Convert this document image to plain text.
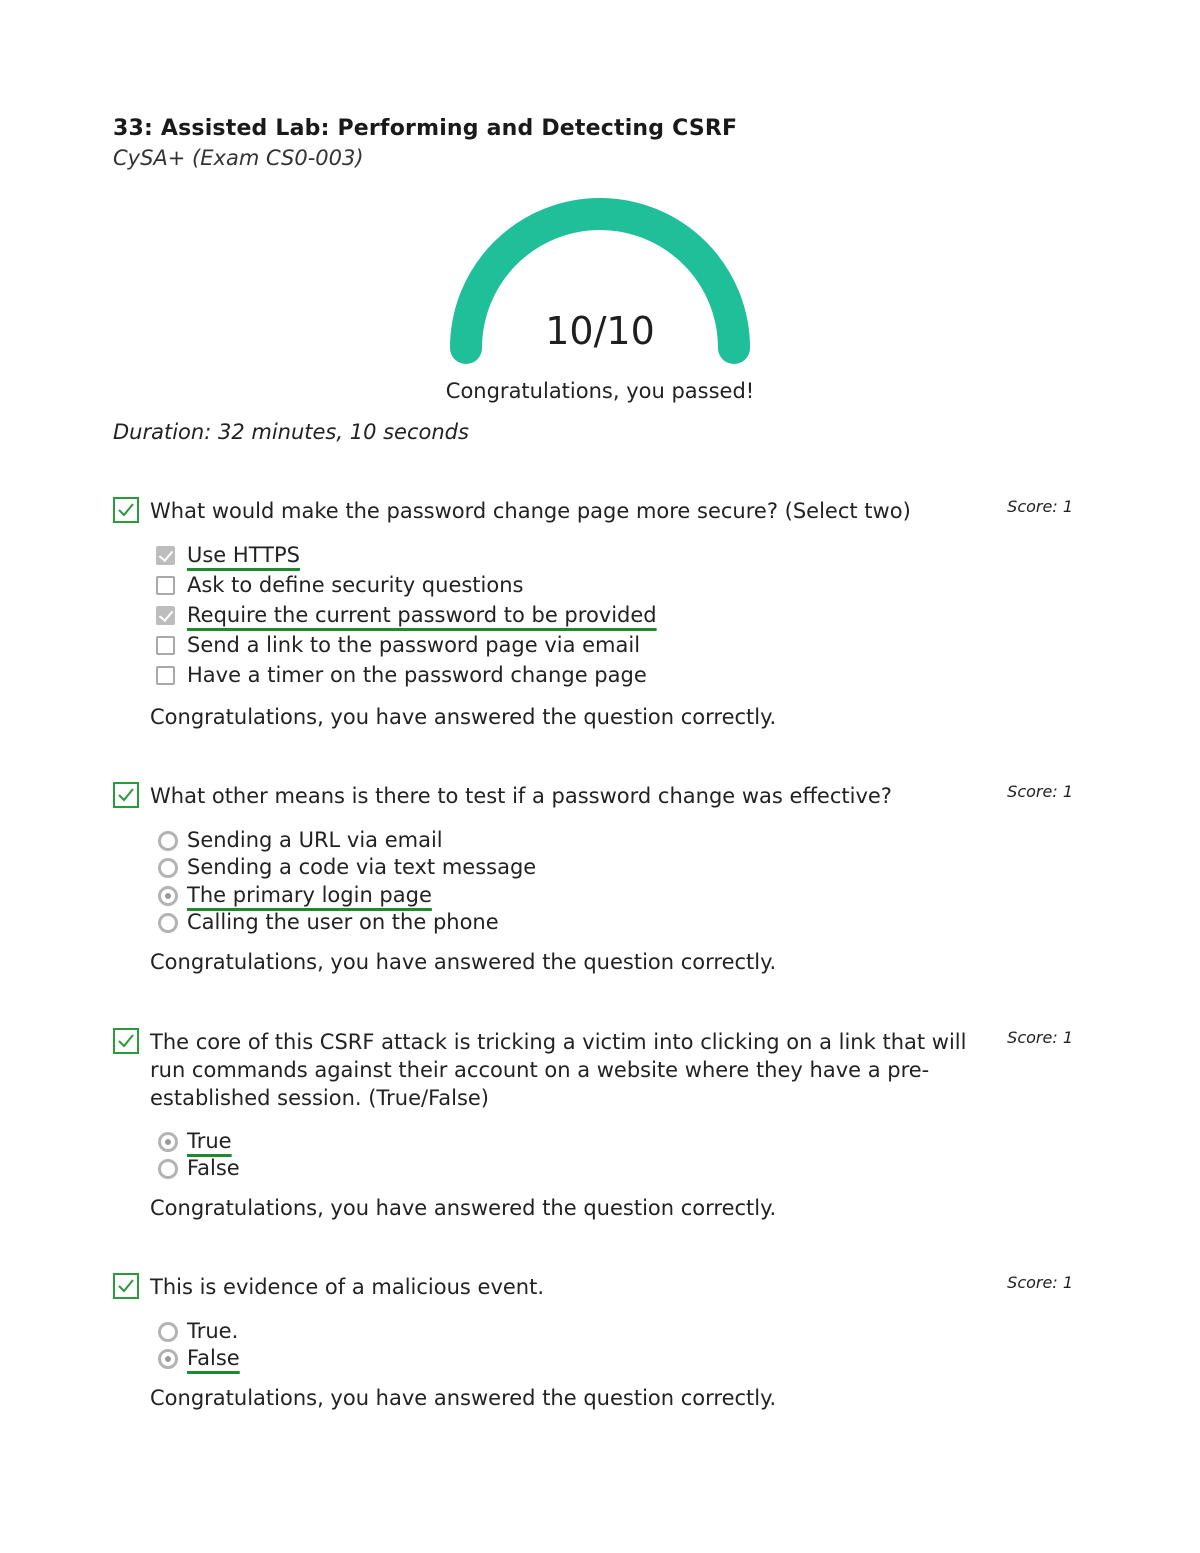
33: Assisted Lab: Performing and Detecting CSRF
CySA+ (Exam CS0-003)
10/10
Congratulations, you passed!
Duration: 32 minutes, 10 seconds
What would make the password change page more secure? (Select two)	Score: 1
Use HTTPS
Ask to define security questions
Require the current password to be provided
Send a link to the password page via email
Have a timer on the password change page
Congratulations, you have answered the question correctly.
What other means is there to test if a password change was effective?	Score: 1
Sending a URL via email
Sending a code via text message
The primary login page
Calling the user on the phone
Congratulations, you have answered the question correctly.
The core of this CSRF attack is tricking a victim into clicking on a link that will run commands against their account on a website where they have a pre-established session. (True/False)
Score: 1
True
False
Congratulations, you have answered the question correctly.
This is evidence of a malicious event.	Score: 1
True.
False
Congratulations, you have answered the question correctly.
